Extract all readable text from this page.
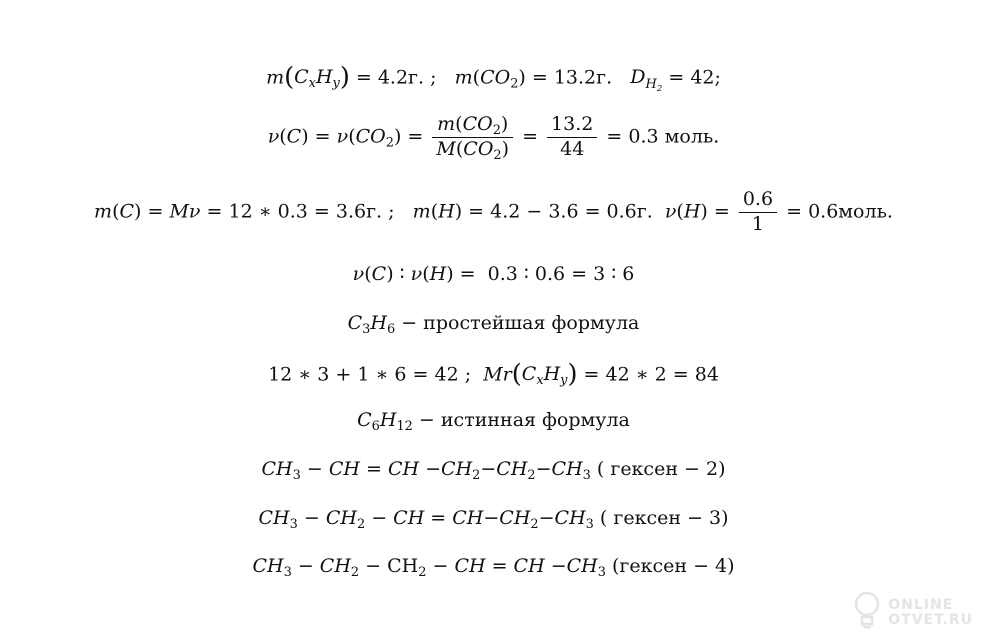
$m(C_xH_y) = 4.2г$. ;   $m(CO_2) = 13.2г$. $D_{H_2} = 42$;
$\nu(C) = \nu(CO_2) = \frac{m(CO_2)}{M(CO_2)} = \frac{13.2}{44} = 0.3$ моль.
m(C) = Mν = 12 ∗ 0.3 = 3.6г. ;   m(H) = 4.2 − 3.6 = 0.6г. $\nu(H) = \frac{0.6}{1}$ = 0.6моль.
ν(C) ∶ ν(H) =  0.3 ∶ 0.6 = 3 ∶ 6
$C_3H_6$ − простейшая формула
12 ∗ 3 + 1 ∗ 6 = 42 ; $Mr(C_xH_y) = 42$ ∗ 2 = 84
$C_6H_{12}$ − истинная формула
$CH_3$ − CH = CH $-CH_2-CH_2-CH_3$ ( гексен − 2)
$CH_3 - CH_2$ − CH = $CH-CH_2-CH_3$ ( гексен − 3)
$CH_3 - CH_2 - CH_2$ − CH = CH $-CH_3$ (гексен − 4)
ONLINE
OTVET.RU
